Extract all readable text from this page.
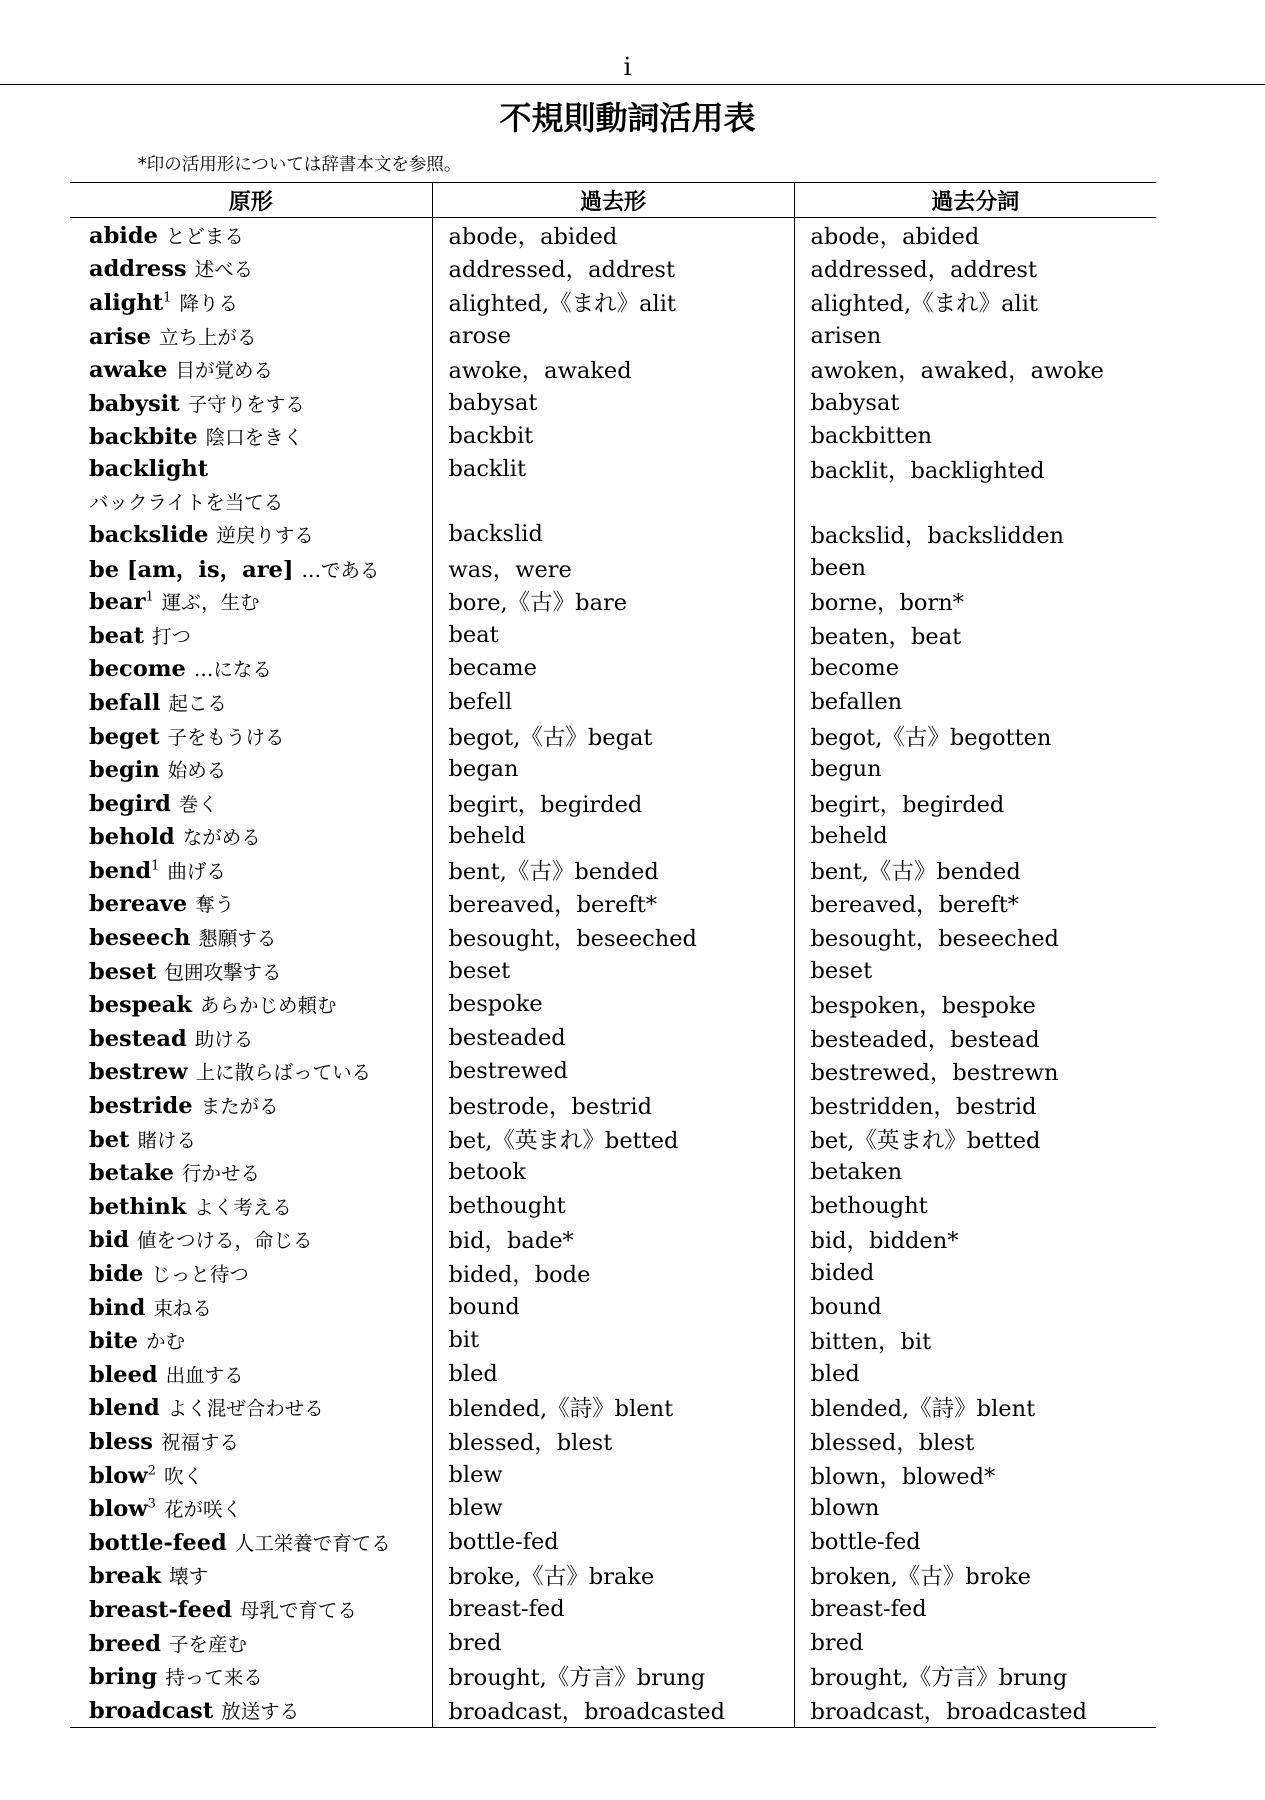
i
不規則動詞活用表
*印の活用形については辞書本文を参照。
原形	過去形	過去分詞
abide とどまる	abode，abided	abode，abided
address 述べる	addressed，addrest	addressed，addrest
alight$^1$ 降りる	alighted,《まれ》alit	alighted,《まれ》alit
arise 立ち上がる	arose	arisen
awake 目が覚める	awoke，awaked	awoken，awaked，awoke
babysit 子守りをする	babysat	babysat
backbite 陰口をきく	backbit	backbitten
backlight	backlit	backlit，backlighted
バックライトを当てる		
backslide 逆戻りする	backslid	backslid，backslidden
be [am，is，are] …である	was，were	been
bear$^1$ 運ぶ，生む	bore,《古》bare	borne，born*
beat 打つ	beat	beaten，beat
become …になる	became	become
befall 起こる	befell	befallen
beget 子をもうける	begot,《古》begat	begot,《古》begotten
begin 始める	began	begun
begird 巻く	begirt，begirded	begirt，begirded
behold ながめる	beheld	beheld
bend$^1$ 曲げる	bent,《古》bended	bent,《古》bended
bereave 奪う	bereaved，bereft*	bereaved，bereft*
beseech 懇願する	besought，beseeched	besought，beseeched
beset 包囲攻撃する	beset	beset
bespeak あらかじめ頼む	bespoke	bespoken，bespoke
bestead 助ける	besteaded	besteaded，bestead
bestrew 上に散らばっている	bestrewed	bestrewed，bestrewn
bestride またがる	bestrode，bestrid	bestridden，bestrid
bet 賭ける	bet,《英まれ》betted	bet,《英まれ》betted
betake 行かせる	betook	betaken
bethink よく考える	bethought	bethought
bid 値をつける，命じる	bid，bade*	bid，bidden*
bide じっと待つ	bided，bode	bided
bind 束ねる	bound	bound
bite かむ	bit	bitten，bit
bleed 出血する	bled	bled
blend よく混ぜ合わせる	blended,《詩》blent	blended,《詩》blent
bless 祝福する	blessed，blest	blessed，blest
blow$^2$ 吹く	blew	blown，blowed*
blow$^3$ 花が咲く	blew	blown
bottle-feed 人工栄養で育てる	bottle-fed	bottle-fed
break 壊す	broke,《古》brake	broken,《古》broke
breast-feed 母乳で育てる	breast-fed	breast-fed
breed 子を産む	bred	bred
bring 持って来る	brought,《方言》brung	brought,《方言》brung
broadcast 放送する	broadcast，broadcasted	broadcast，broadcasted
